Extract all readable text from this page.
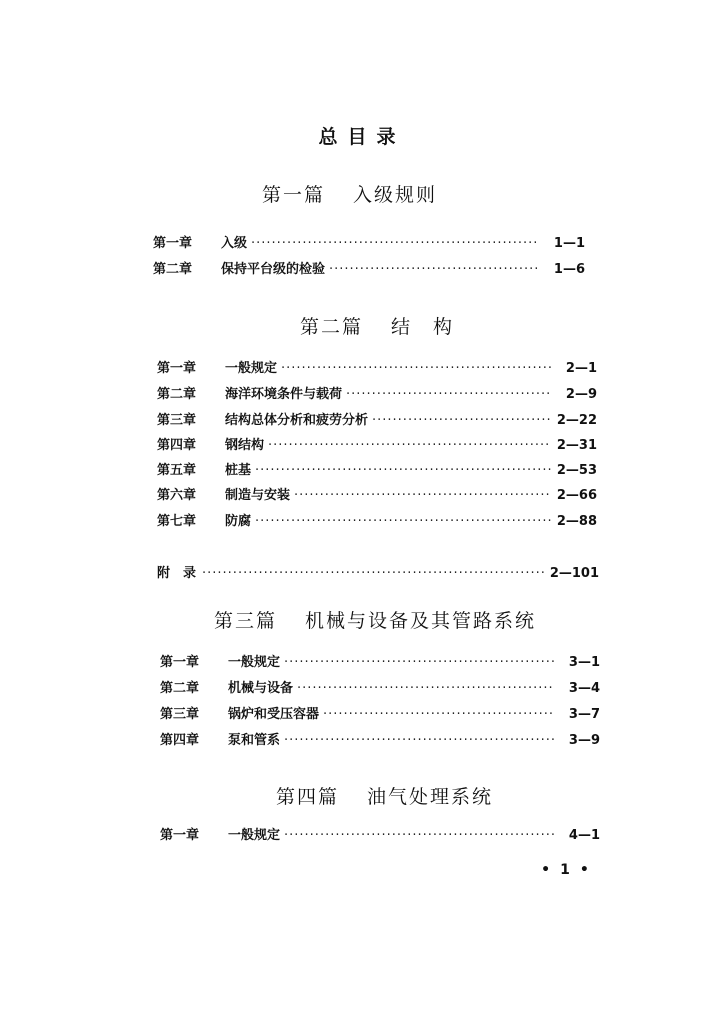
总目录
第一篇 入级规则
第一章	入级 ·····	1—1
第二章	保持平台级的检验 ·····	1—6
第二篇 结　构
第一章	一般规定 ·····	2—1
第二章	海洋环境条件与载荷 ·····	2—9
第三章	结构总体分析和疲劳分析 ·····	2—22
第四章	钢结构 ·····	2—31
第五章	桩基 ·····	2—53
第六章	制造与安装 ·····	2—66
第七章	防腐 ·····	2—88
附　录 ·····	2—101
第三篇 机械与设备及其管路系统
第一章	一般规定 ·····	3—1
第二章	机械与设备 ·····	3—4
第三章	锅炉和受压容器 ·····	3—7
第四章	泵和管系 ·····	3—9
第四篇 油气处理系统
第一章	一般规定 ·····	4—1
• 1 •
